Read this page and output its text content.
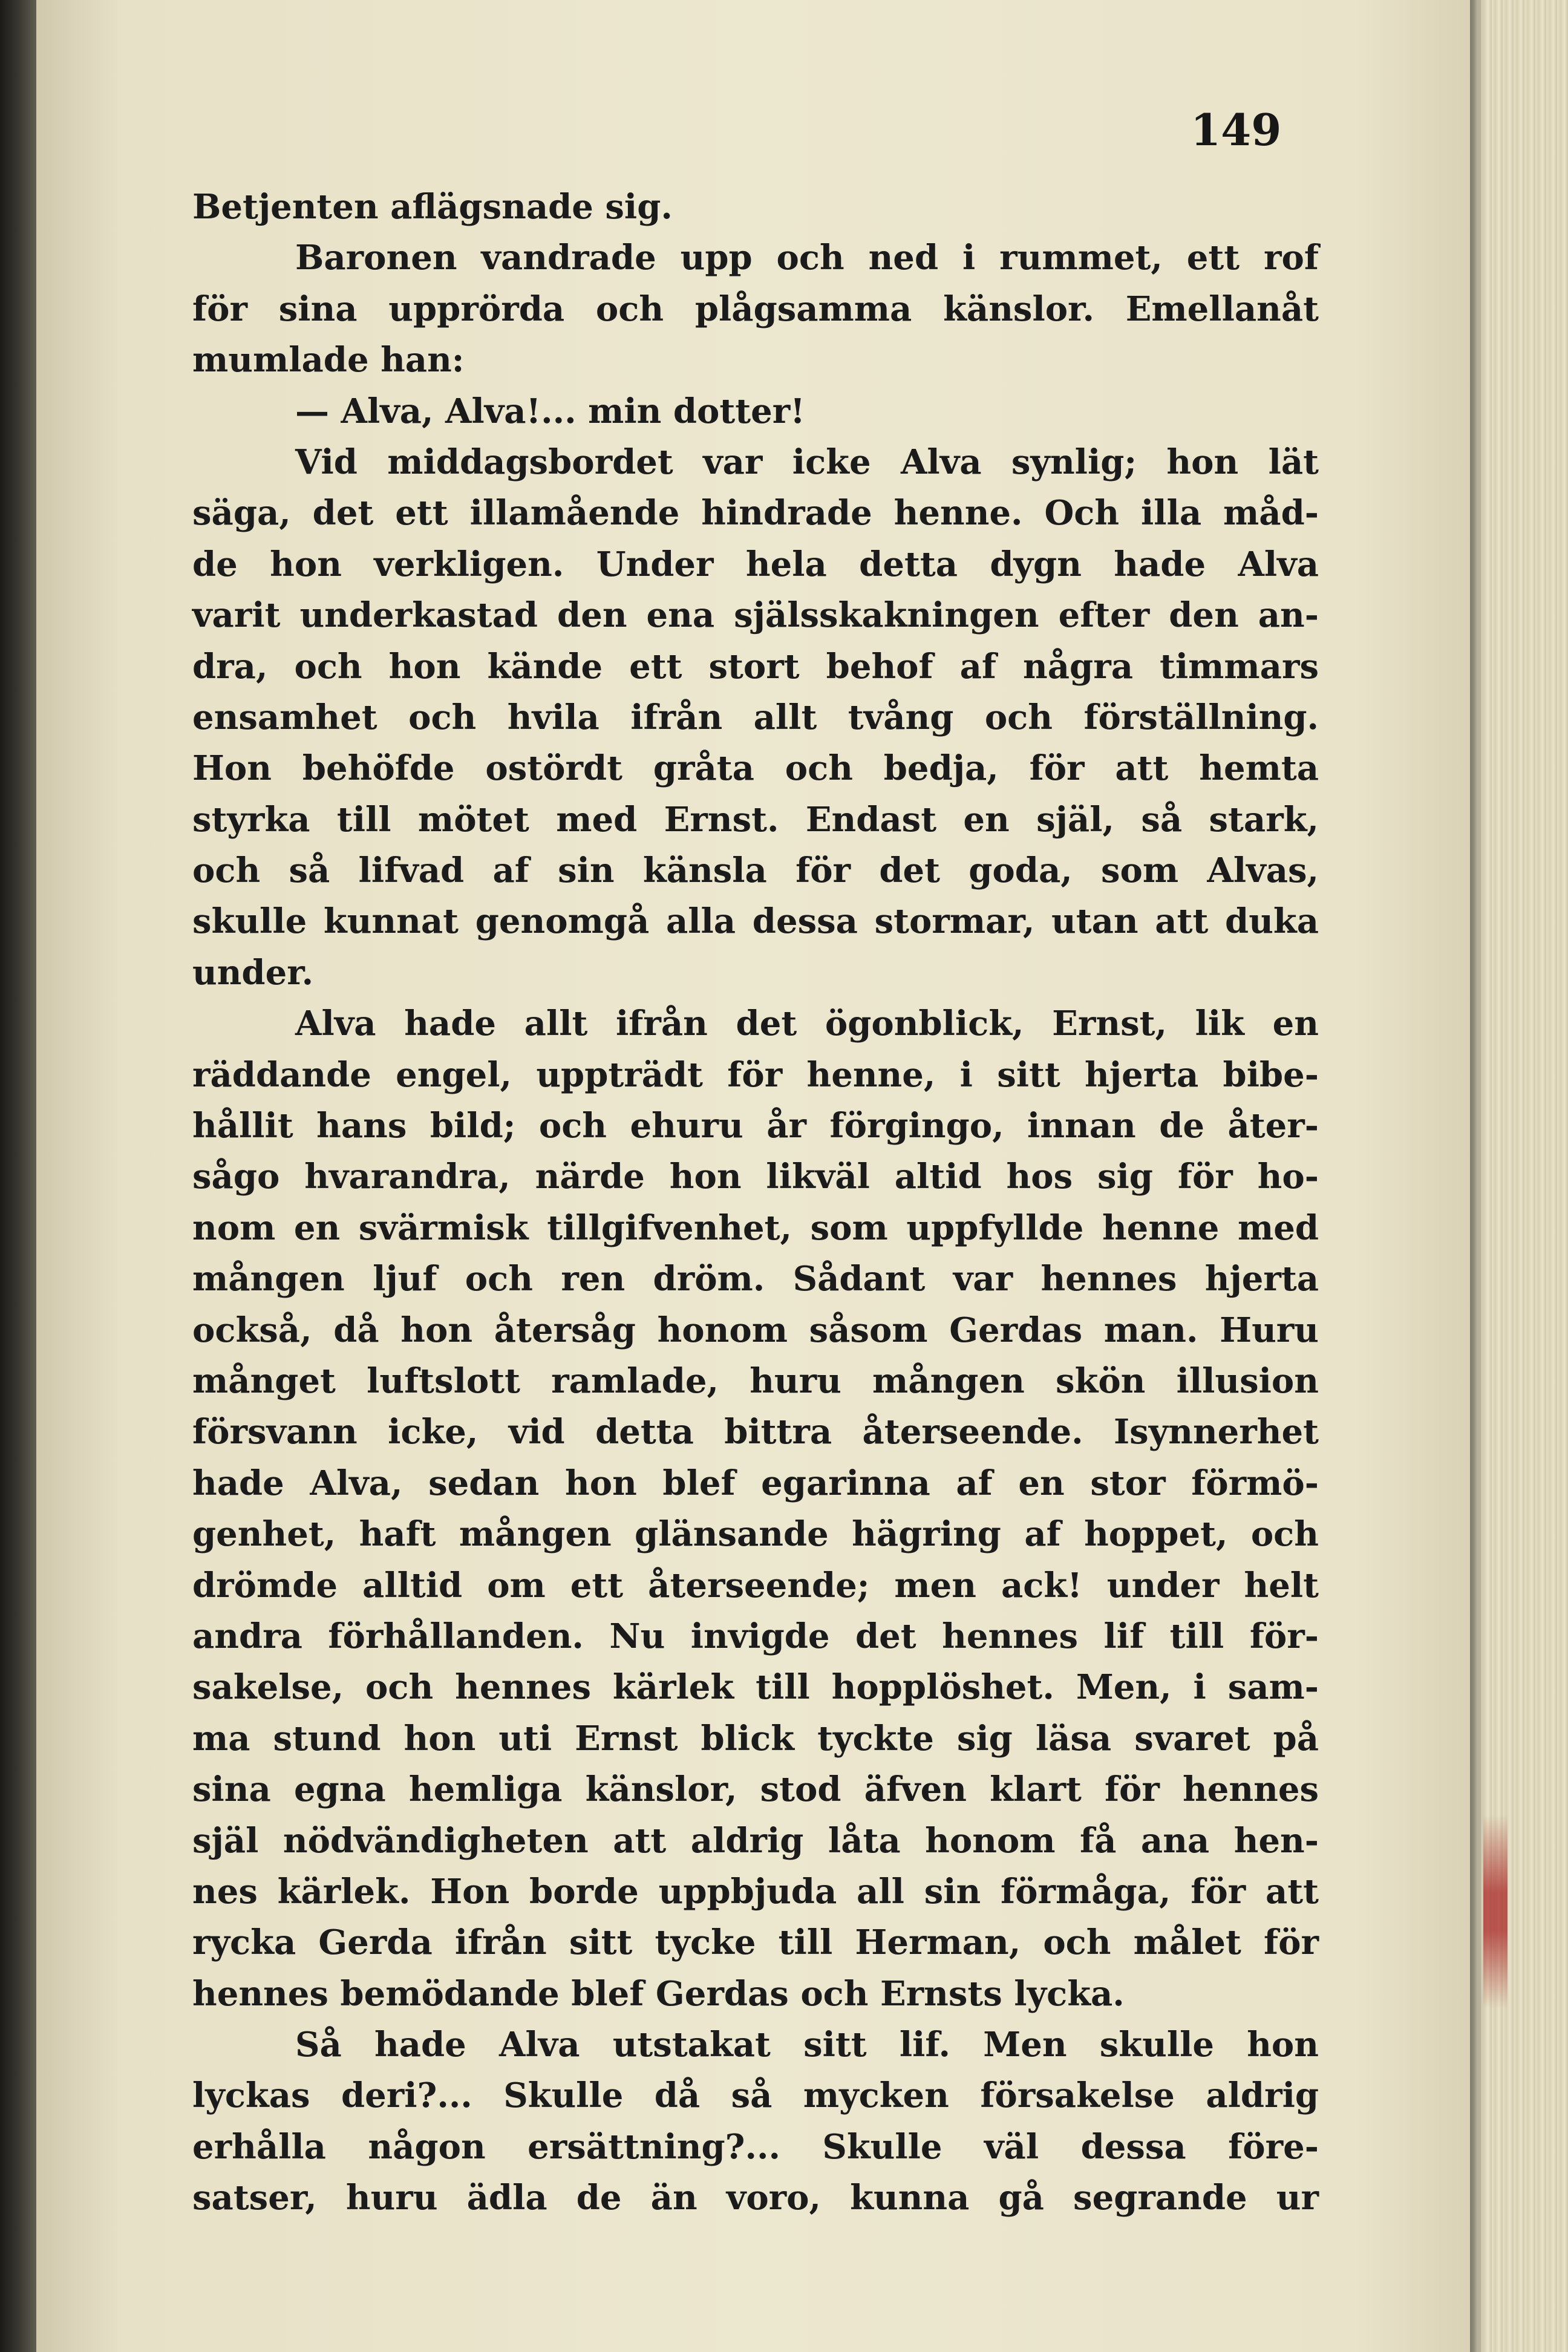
149
Betjenten aflägsnade sig.
Baronen vandrade upp och ned i rummet, ett rof
för sina upprörda och plågsamma känslor. Emellanåt
mumlade han:
— Alva, Alva!... min dotter!
Vid middagsbordet var icke Alva synlig; hon lät
säga, det ett illamående hindrade henne. Och illa måd-
de hon verkligen. Under hela detta dygn hade Alva
varit underkastad den ena själsskakningen efter den an-
dra, och hon kände ett stort behof af några timmars
ensamhet och hvila ifrån allt tvång och förställning.
Hon behöfde ostördt gråta och bedja, för att hemta
styrka till mötet med Ernst. Endast en själ, så stark,
och så lifvad af sin känsla för det goda, som Alvas,
skulle kunnat genomgå alla dessa stormar, utan att duka
under.
Alva hade allt ifrån det ögonblick, Ernst, lik en
räddande engel, uppträdt för henne, i sitt hjerta bibe-
hållit hans bild; och ehuru år förgingo, innan de åter-
sågo hvarandra, närde hon likväl altid hos sig för ho-
nom en svärmisk tillgifvenhet, som uppfyllde henne med
mången ljuf och ren dröm. Sådant var hennes hjerta
också, då hon återsåg honom såsom Gerdas man. Huru
månget luftslott ramlade, huru mången skön illusion
försvann icke, vid detta bittra återseende. Isynnerhet
hade Alva, sedan hon blef egarinna af en stor förmö-
genhet, haft mången glänsande hägring af hoppet, och
drömde alltid om ett återseende; men ack! under helt
andra förhållanden. Nu invigde det hennes lif till för-
sakelse, och hennes kärlek till hopplöshet. Men, i sam-
ma stund hon uti Ernst blick tyckte sig läsa svaret på
sina egna hemliga känslor, stod äfven klart för hennes
själ nödvändigheten att aldrig låta honom få ana hen-
nes kärlek. Hon borde uppbjuda all sin förmåga, för att
rycka Gerda ifrån sitt tycke till Herman, och målet för
hennes bemödande blef Gerdas och Ernsts lycka.
Så hade Alva utstakat sitt lif. Men skulle hon
lyckas deri?... Skulle då så mycken försakelse aldrig
erhålla någon ersättning?... Skulle väl dessa före-
satser, huru ädla de än voro, kunna gå segrande ur
